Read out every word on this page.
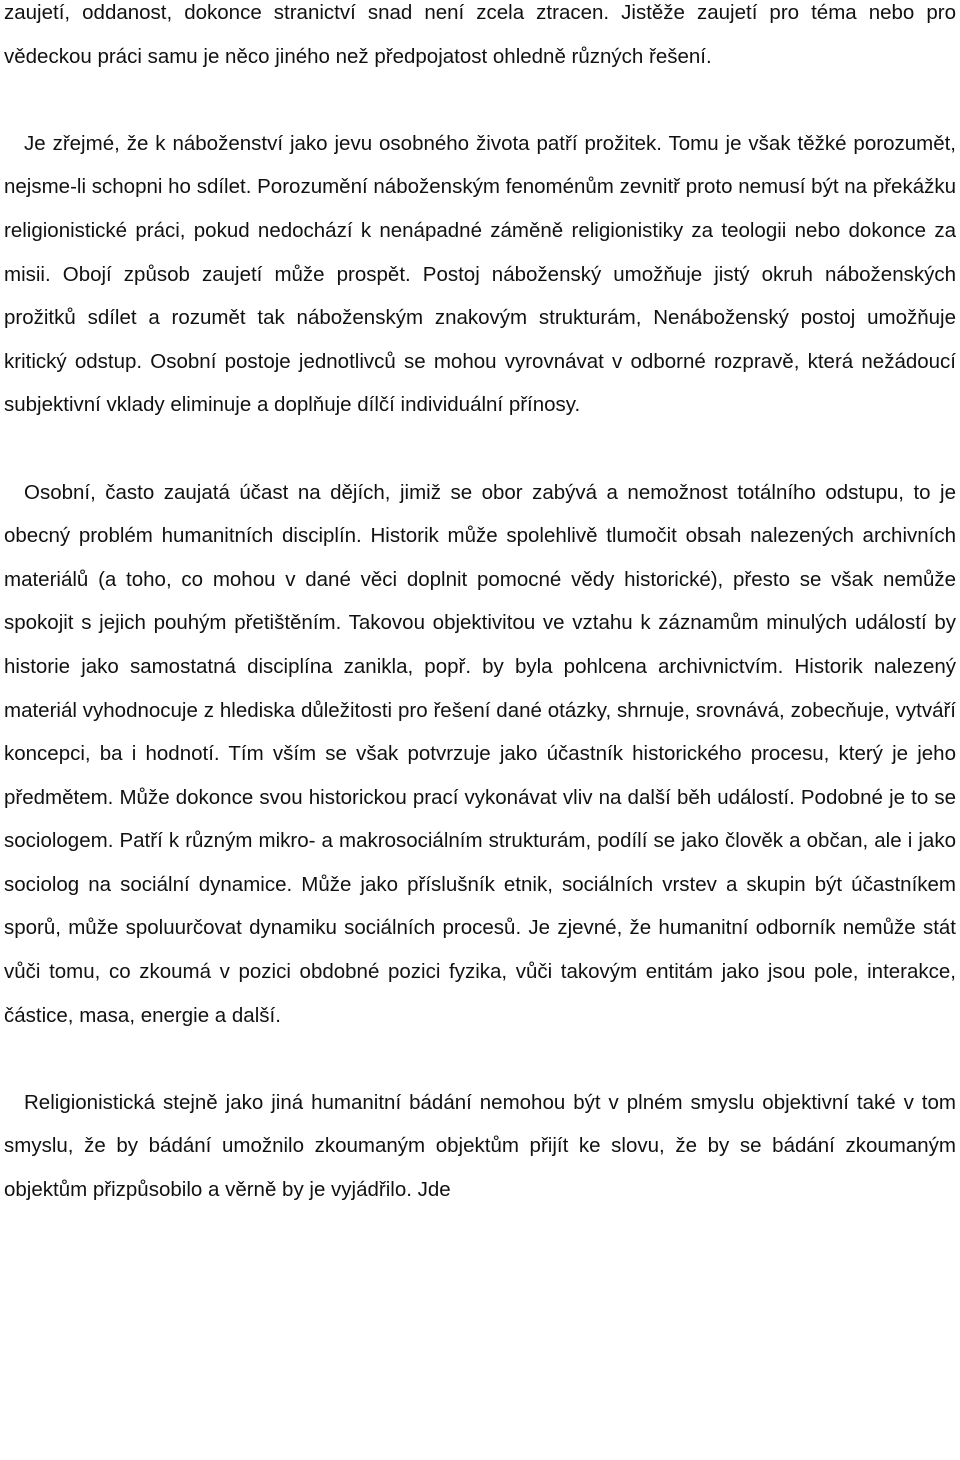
zaujetí, oddanost, dokonce stranictví snad není zcela ztracen. Jistěže zaujetí pro téma nebo pro vědeckou práci samu je něco jiného než předpojatost ohledně různých řešení.

Je zřejmé, že k náboženství jako jevu osobného života patří prožitek. Tomu je však těžké porozumět, nejsme-li schopni ho sdílet. Porozumění náboženským fenoménům zevnitř proto nemusí být na překážku religionistické práci, pokud nedochází k nenápadné záměně religionistiky za teologii nebo dokonce za misii. Obojí způsob zaujetí může prospět. Postoj náboženský umožňuje jistý okruh náboženských prožitků sdílet a rozumět tak náboženským znakovým strukturám, Nenáboženský postoj umožňuje kritický odstup. Osobní postoje jednotlivců se mohou vyrovnávat v odborné rozpravě, která nežádoucí subjektivní vklady eliminuje a doplňuje dílčí individuální přínosy.

Osobní, často zaujatá účast na dějích, jimiž se obor zabývá a nemožnost totálního odstupu, to je obecný problém humanitních disciplín. Historik může spolehlivě tlumočit obsah nalezených archivních materiálů (a toho, co mohou v dané věci doplnit pomocné vědy historické), přesto se však nemůže spokojit s jejich pouhým přetištěním. Takovou objektivitou ve vztahu k záznamům minulých událostí by historie jako samostatná disciplína zanikla, popř. by byla pohlcena archivnictvím. Historik nalezený materiál vyhodnocuje z hlediska důležitosti pro řešení dané otázky, shrnuje, srovnává, zobecňuje, vytváří koncepci, ba i hodnotí. Tím vším se však potvrzuje jako účastník historického procesu, který je jeho předmětem. Může dokonce svou historickou prací vykonávat vliv na další běh událostí. Podobné je to se sociologem. Patří k různým mikro- a makrosociálním strukturám, podílí se jako člověk a občan, ale i jako sociolog na sociální dynamice. Může jako příslušník etnik, sociálních vrstev a skupin být účastníkem sporů, může spoluurčovat dynamiku sociálních procesů. Je zjevné, že humanitní odborník nemůže stát vůči tomu, co zkoumá v pozici obdobné pozici fyzika, vůči takovým entitám jako jsou pole, interakce, částice, masa, energie a další.

Religionistická stejně jako jiná humanitní bádání nemohou být v plném smyslu objektivní také v tom smyslu, že by bádání umožnilo zkoumaným objektům přijít ke slovu, že by se bádání zkoumaným objektům přizpůsobilo a věrně by je vyjádřilo. Jde
